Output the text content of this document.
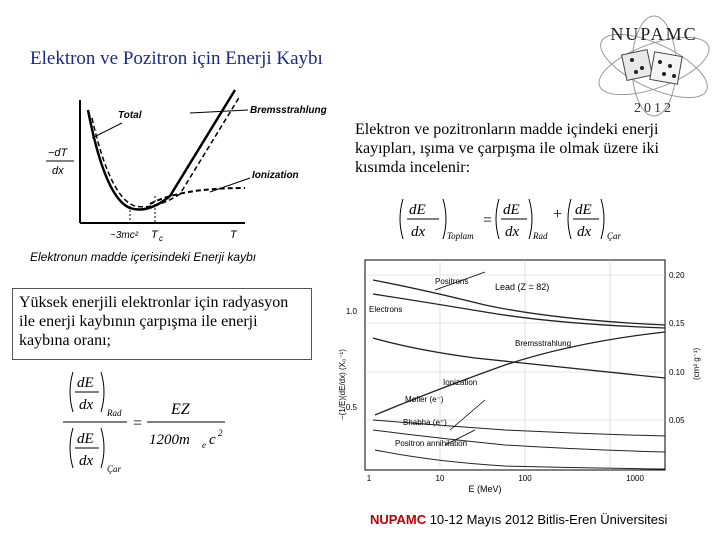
Elektron ve Pozitron için Enerji Kaybı
NUPAMC
2012
Elektron ve pozitronların madde içindeki enerji kayıpları, ışıma ve çarpışma ile olmak üzere iki kısımda incelenir:
−dT
dx
Total	Bremsstrahlung
Ionization
~3mc² T c	T
Elektronun madde içerisindeki Enerji kaybı
dE
dx Toplam
=
dE
dx Rad
+ dE
dx Çar
Yüksek enerjili elektronlar için radyasyon ile enerji kaybının çarpışma ile enerji kaybına oranı;
dE
dx Rad
dE
dx Çar
=
EZ
1200m e c 2
Lead (Z = 82)
Positrons
Electrons
Bremsstrahlung
Ionization
Møller (e⁻)
Bhabha (e⁺)
Positron annihilation
1.0
0.5
0.20
0.15
0.10
0.05
1	10	100	1000
E (MeV)
−(1/E)(dE/dx) (X₀⁻¹)	(cm² g⁻¹)
NUPAMC 10-12 Mayıs 2012 Bitlis-Eren Üniversitesi
